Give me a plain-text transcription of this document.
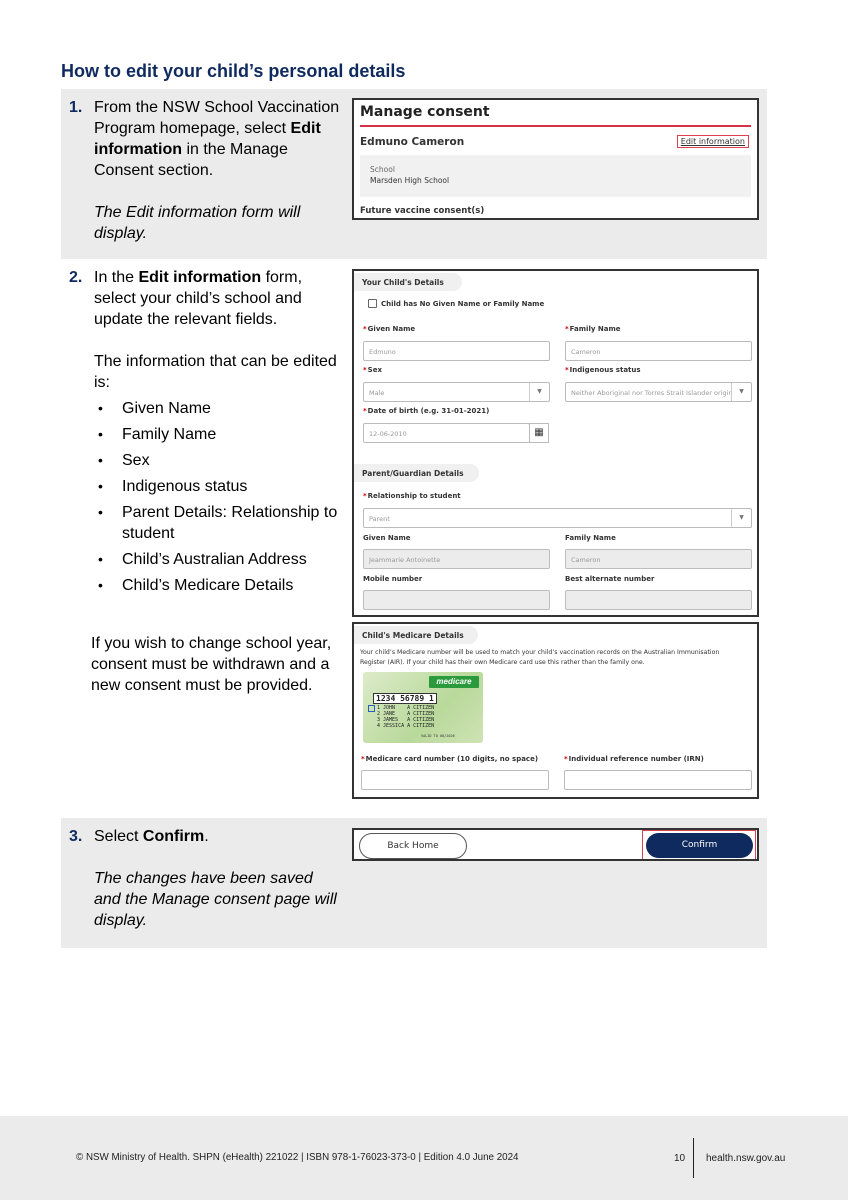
How to edit your child’s personal details
1. From the NSW School Vaccination Program homepage, select Edit information in the Manage Consent section.
The Edit information form will display.
Manage consent
Edmuno Cameron	Edit information
School
Marsden High School
Future vaccine consent(s)
2. In the Edit information form, select your child’s school and update the relevant fields.
The information that can be edited is:
• Given Name
• Family Name
• Sex
• Indigenous status
• Parent Details: Relationship to student
• Child’s Australian Address
• Child’s Medicare Details
If you wish to change school year, consent must be withdrawn and a new consent must be provided.
Your Child's Details
Child has No Given Name or Family Name
*Given Name
Edmuno
*Family Name
Cameron
*Sex
Male	▼
*Indigenous status
Neither Aboriginal nor Torres Strait Islander origin	▼
*Date of birth (e.g. 31-01-2021)
12-06-2010	▦
Parent/Guardian Details
*Relationship to student
Parent	▼
Given Name
Jeammarie Antoinette
Family Name
Cameron
Mobile number	Best alternate number
Child's Medicare Details
Your child’s Medicare number will be used to match your child’s vaccination records on the Australian Immunisation Register (AIR). If your child has their own Medicare card use this rather than the family one.
medicare
1234 56789 1
1 JOHN    A CITIZEN
2 JANE    A CITIZEN
3 JAMES   A CITIZEN
4 JESSICA A CITIZEN
VALID TO 08/2026
*Medicare card number (10 digits, no space)	*Individual reference number (IRN)
3. Select Confirm.
The changes have been saved and the Manage consent page will display.
Back Home	Confirm
© NSW Ministry of Health. SHPN (eHealth) 221022 | ISBN 978-1-76023-373-0 | Edition 4.0 June 2024	10 health.nsw.gov.au
